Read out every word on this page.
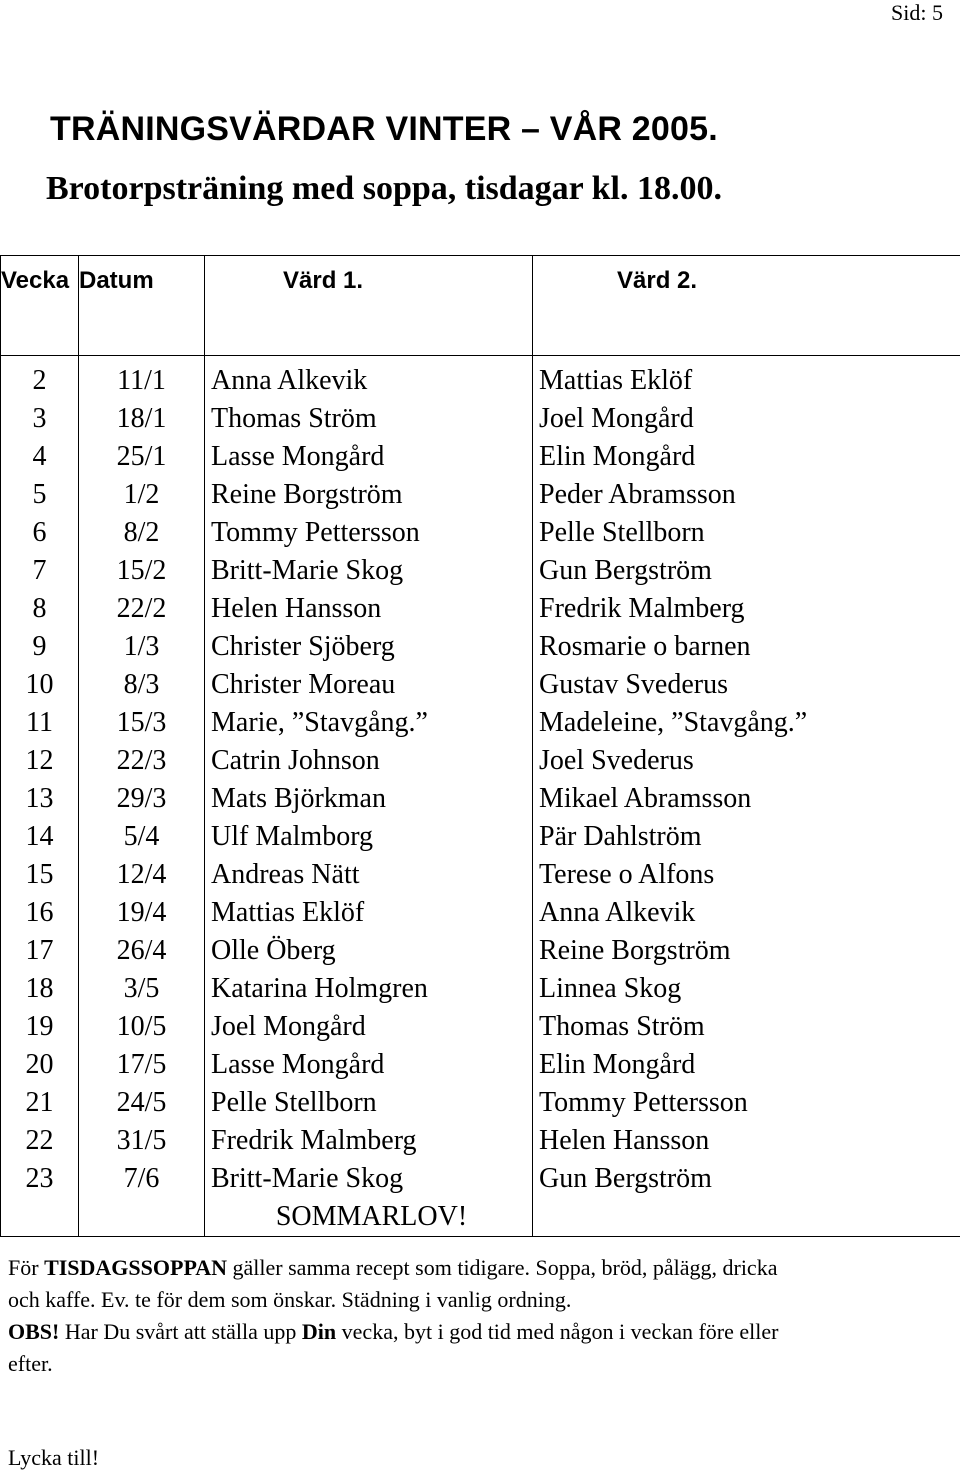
Sid: 5
TRÄNINGSVÄRDAR VINTER – VÅR 2005.
Brotorpsträning med soppa, tisdagar kl. 18.00.
Vecka	Datum	Värd 1.	Värd 2.
2	11/1	Anna Alkevik	Mattias Eklöf
3	18/1	Thomas Ström	Joel Mongård
4	25/1	Lasse Mongård	Elin Mongård
5	1/2	Reine Borgström	Peder Abramsson
6	8/2	Tommy Pettersson	Pelle Stellborn
7	15/2	Britt-Marie Skog	Gun Bergström
8	22/2	Helen Hansson	Fredrik Malmberg
9	1/3	Christer Sjöberg	Rosmarie o barnen
10	8/3	Christer Moreau	Gustav Svederus
11	15/3	Marie, ”Stavgång.”	Madeleine, ”Stavgång.”
12	22/3	Catrin Johnson	Joel Svederus
13	29/3	Mats Björkman	Mikael Abramsson
14	5/4	Ulf Malmborg	Pär Dahlström
15	12/4	Andreas Nätt	Terese o Alfons
16	19/4	Mattias Eklöf	Anna Alkevik
17	26/4	Olle Öberg	Reine Borgström
18	3/5	Katarina Holmgren	Linnea Skog
19	10/5	Joel Mongård	Thomas Ström
20	17/5	Lasse Mongård	Elin Mongård
21	24/5	Pelle Stellborn	Tommy Pettersson
22	31/5	Fredrik Malmberg	Helen Hansson
23	7/6	Britt-Marie Skog	Gun Bergström
		SOMMARLOV!	

För TISDAGSSOPPAN gäller samma recept som tidigare. Soppa, bröd, pålägg, dricka och kaffe. Ev. te för dem som önskar. Städning i vanlig ordning.

OBS! Har Du svårt att ställa upp Din vecka, byt i god tid med någon i veckan före eller efter.

Lycka till!
